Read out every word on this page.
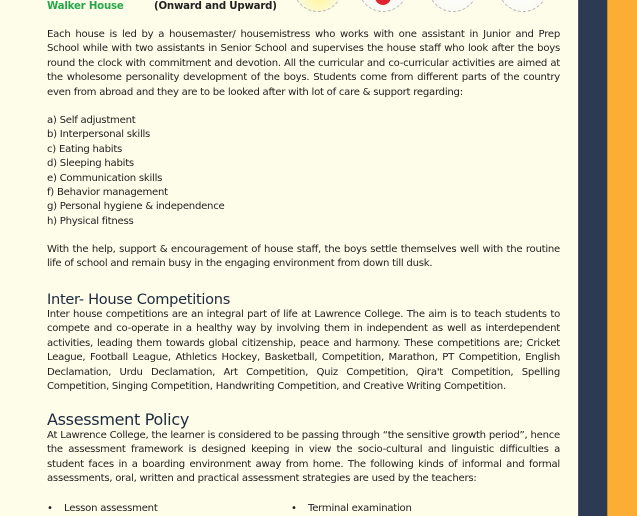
Walker House	(Onward and Upward)

Each house is led by a housemaster/ housemistress who works with one assistant in Junior and Prep School while with two assistants in Senior School and supervises the house staff who look after the boys round the clock with commitment and devotion. All the curricular and co-curricular activities are aimed at the wholesome personality development of the boys. Students come from different parts of the country even from abroad and they are to be looked after with lot of care & support regarding:

a) Self adjustment
b) Interpersonal skills
c) Eating habits
d) Sleeping habits
e) Communication skills
f) Behavior management
g) Personal hygiene & independence
h) Physical fitness

With the help, support & encouragement of house staff, the boys settle themselves well with the routine life of school and remain busy in the engaging environment from down till dusk.

Inter- House Competitions

Inter house competitions are an integral part of life at Lawrence College. The aim is to teach students to compete and co-operate in a healthy way by involving them in independent as well as interdependent activities, leading them towards global citizenship, peace and harmony. These competitions are; Cricket League, Football League, Athletics Hockey, Basketball, Competition, Marathon, PT Competition, English Declamation, Urdu Declamation, Art Competition, Quiz Competition, Qira't Competition, Spelling Competition, Singing Competition, Handwriting Competition, and Creative Writing Competition.

Assessment Policy

At Lawrence College, the learner is considered to be passing through “the sensitive growth period”, hence the assessment framework is designed keeping in view the socio-cultural and linguistic difficulties a student faces in a boarding environment away from home. The following kinds of informal and formal assessments, oral, written and practical assessment strategies are used by the teachers:

• Lesson assessment	• Terminal examination
